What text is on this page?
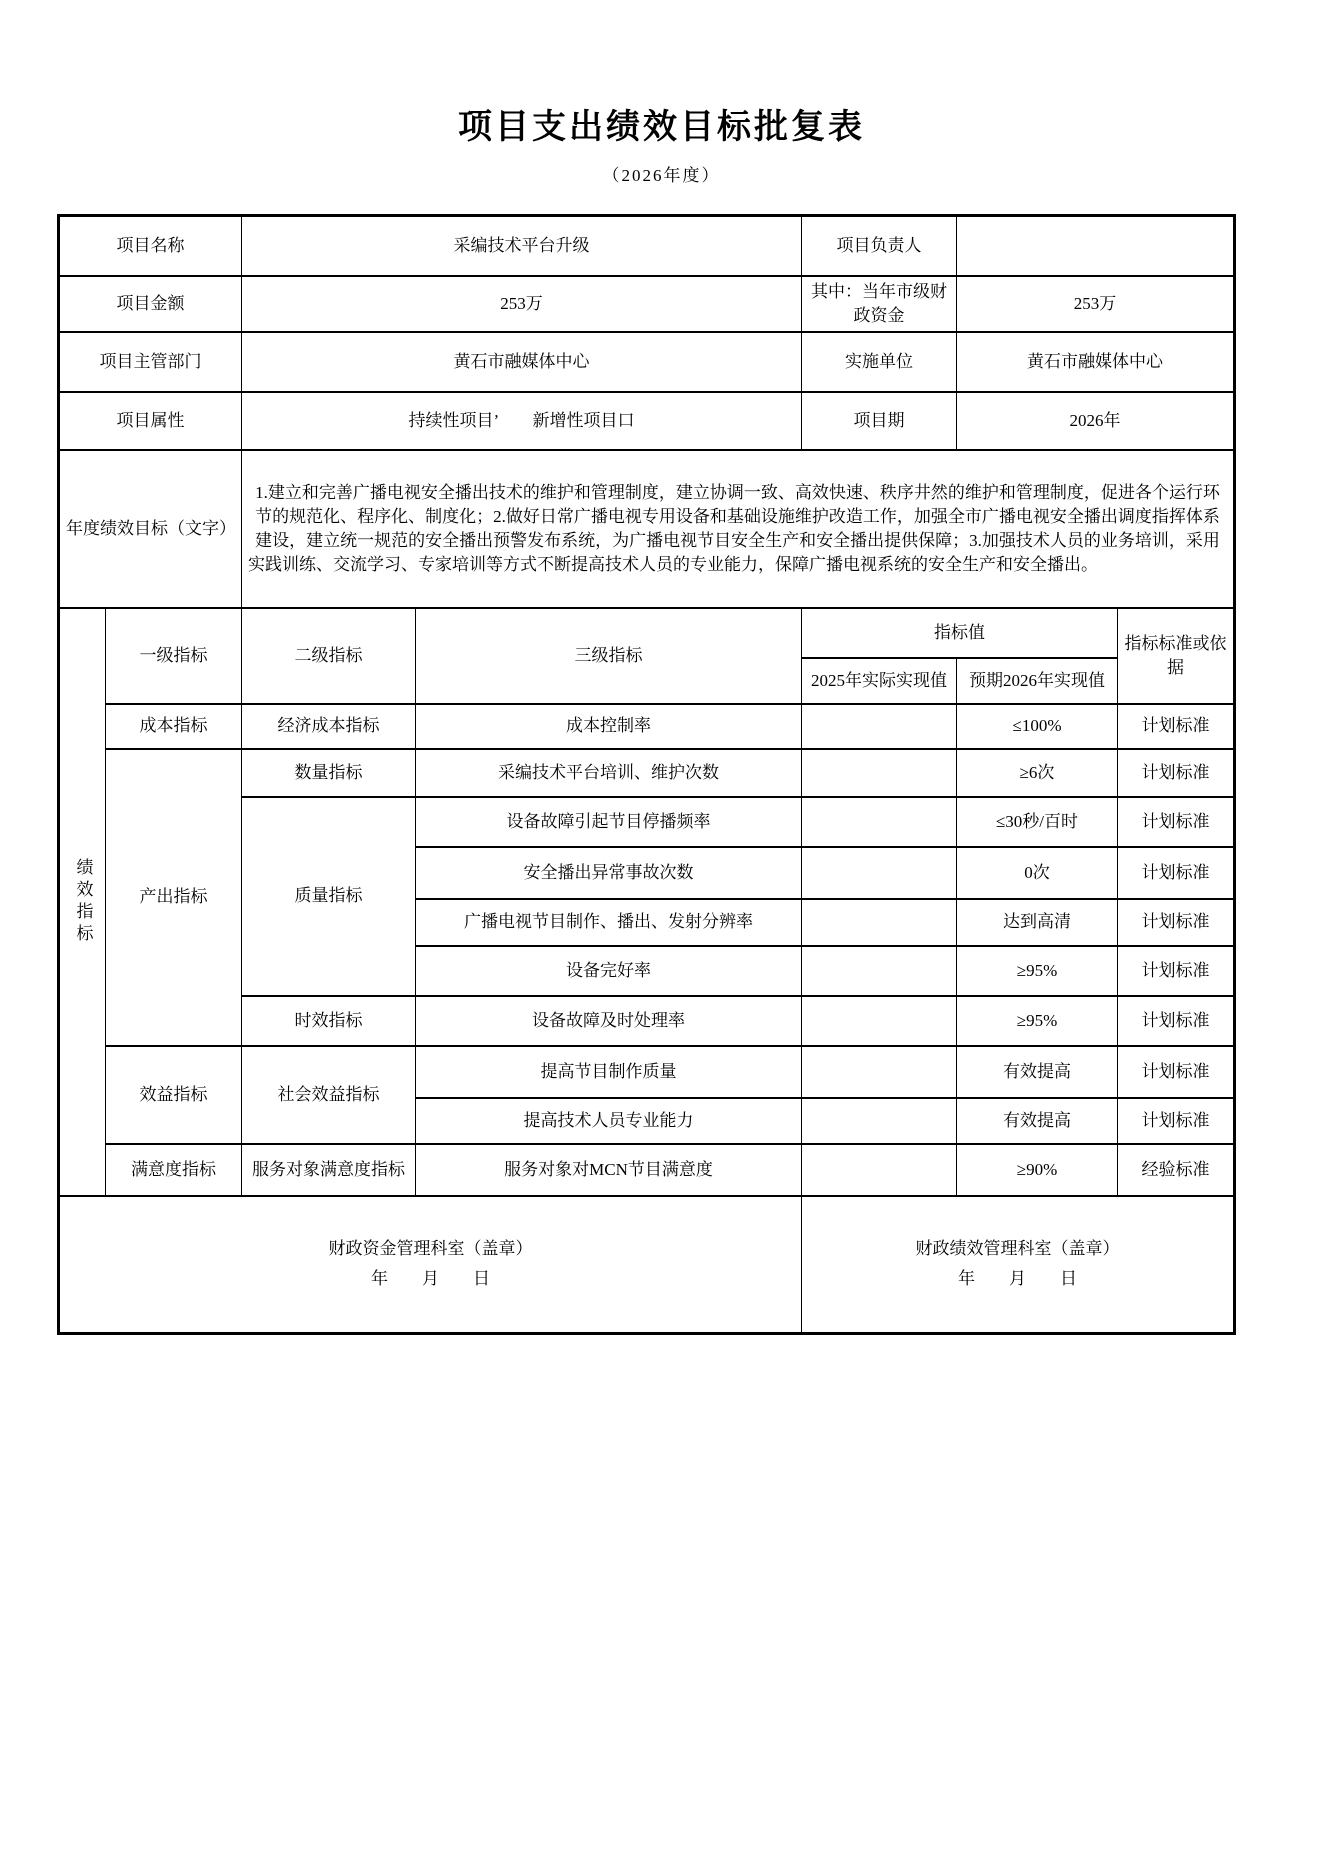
项目支出绩效目标批复表
（2026年度）
项目名称		采编技术平台升级		项目负责人		
项目金额		253万		其中：当年市级财政资金	253万	
项目主管部门		黄石市融媒体中心		实施单位	黄石市融媒体中心	
项目属性		持续性项目’　　新增性项目口		项目期	2026年	
年度绩效目标（文字）		1.建立和完善广播电视安全播出技术的维护和管理制度，建立协调一致、高效快速、秩序井然的维护和管理制度，促进各个运行环节的规范化、程序化、制度化；2.做好日常广播电视专用设备和基础设施维护改造工作，加强全市广播电视安全播出调度指挥体系建设，建立统一规范的安全播出预警发布系统，为广播电视节目安全生产和安全播出提供保障；3.加强技术人员的业务培训，采用实践训练、交流学习、专家培训等方式不断提高技术人员的专业能力，保障广播电视系统的安全生产和安全播出。				
绩效指标	一级指标	二级指标	三级指标	指标值		指标标准或依据
				2025年实际实现值	预期2026年实现值	
	成本指标	经济成本指标	成本控制率		≤100%	计划标准
	产出指标	数量指标	采编技术平台培训、维护次数		≥6次	计划标准
		质量指标	设备故障引起节目停播频率		≤30秒/百时	计划标准
			安全播出异常事故次数		0次	计划标准
			广播电视节目制作、播出、发射分辨率		达到高清	计划标准
			设备完好率		≥95%	计划标准
		时效指标	设备故障及时处理率		≥95%	计划标准
	效益指标	社会效益指标	提高节目制作质量		有效提高	计划标准
			提高技术人员专业能力		有效提高	计划标准
	满意度指标	服务对象满意度指标	服务对象对MCN节目满意度		≥90%	经验标准

财政资金管理科室（盖章）
年　　月　　日

财政绩效管理科室（盖章）
年　　月　　日
